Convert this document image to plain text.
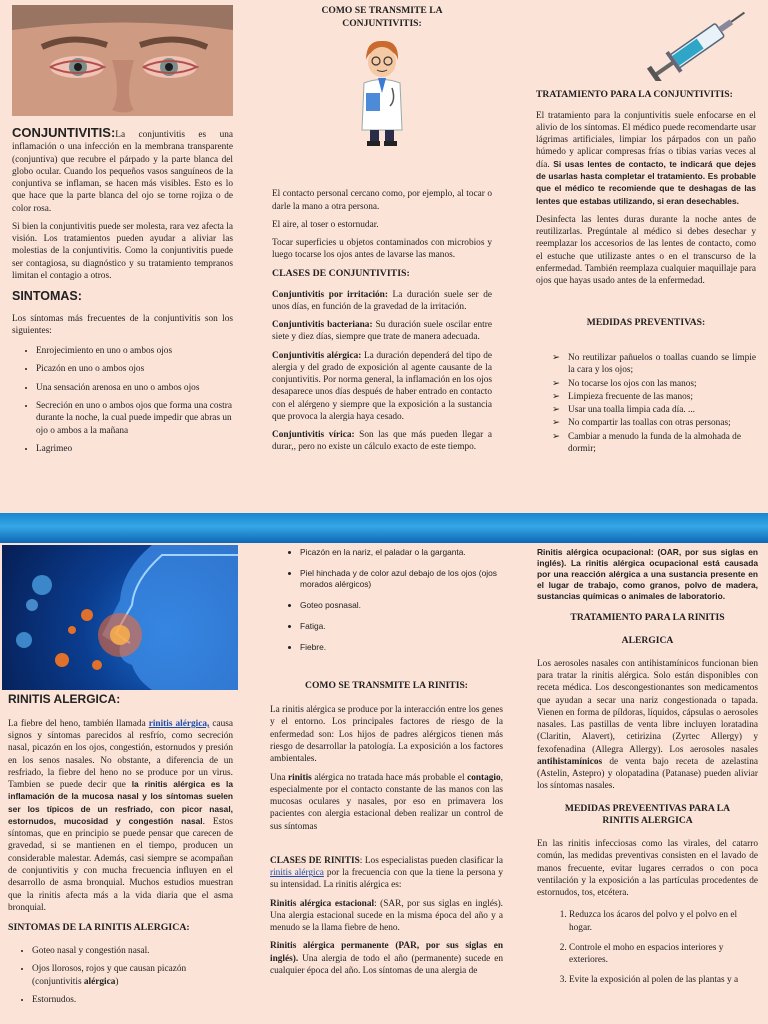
CONJUNTIVITIS:La conjuntivitis es una inflamación o una infección en la membrana transparente (conjuntiva) que recubre el párpado y la parte blanca del globo ocular. Cuando los pequeños vasos sanguíneos de la conjuntiva se inflaman, se hacen más visibles. Esto es lo que hace que la parte blanca del ojo se torne rojiza o de color rosa.

Si bien la conjuntivitis puede ser molesta, rara vez afecta la visión. Los tratamientos pueden ayudar a aliviar las molestias de la conjuntivitis. Como la conjuntivitis puede ser contagiosa, su diagnóstico y su tratamiento tempranos limitan el contagio a otros.

SINTOMAS:

Los síntomas más frecuentes de la conjuntivitis son los siguientes:

• Enrojecimiento en uno o ambos ojos
• Picazón en uno o ambos ojos
• Una sensación arenosa en uno o ambos ojos
• Secreción en uno o ambos ojos que forma una costra durante la noche, la cual puede impedir que abras un ojo o ambos a la mañana
• Lagrimeo

COMO SE TRANSMITE LA CONJUNTIVITIS:

El contacto personal cercano como, por ejemplo, al tocar o darle la mano a otra persona.

El aire, al toser o estornudar.

Tocar superficies u objetos contaminados con microbios y luego tocarse los ojos antes de lavarse las manos.

CLASES DE CONJUNTIVITIS:

Conjuntivitis por irritación: La duración suele ser de unos días, en función de la gravedad de la irritación.

Conjuntivitis bacteriana: Su duración suele oscilar entre siete y diez días, siempre que trate de manera adecuada.

Conjuntivitis alérgica: La duración dependerá del tipo de alergia y del grado de exposición al agente causante de la conjuntivitis. Por norma general, la inflamación en los ojos desaparece unos días después de haber entrado en contacto con el alérgeno y siempre que la exposición a la sustancia que provoca la alergia haya cesado.

Conjuntivitis vírica: Son las que más pueden llegar a durar,, pero no existe un cálculo exacto de este tiempo.

TRATAMIENTO PARA LA CONJUNTIVITIS:

El tratamiento para la conjuntivitis suele enfocarse en el alivio de los síntomas. El médico puede recomendarte usar lágrimas artificiales, limpiar los párpados con un paño húmedo y aplicar compresas frías o tibias varias veces al día. Si usas lentes de contacto, te indicará que dejes de usarlas hasta completar el tratamiento. Es probable que el médico te recomiende que te deshagas de las lentes que estabas utilizando, si eran desechables.

Desinfecta las lentes duras durante la noche antes de reutilizarlas. Pregúntale al médico si debes desechar y reemplazar los accesorios de las lentes de contacto, como el estuche que utilizaste antes o en el transcurso de la enfermedad. También reemplaza cualquier maquillaje para ojos que hayas usado antes de la enfermedad.

MEDIDAS PREVENTIVAS:

➢ No reutilizar pañuelos o toallas cuando se limpie la cara y los ojos;
➢ No tocarse los ojos con las manos;
➢ Limpieza frecuente de las manos;
➢ Usar una toalla limpia cada día. ...
➢ No compartir las toallas con otras personas;
➢ Cambiar a menudo la funda de la almohada de dormir;

RINITIS ALERGICA:

La fiebre del heno, también llamada rinitis alérgica, causa signos y síntomas parecidos al resfrío, como secreción nasal, picazón en los ojos, congestión, estornudos y presión en los senos nasales. No obstante, a diferencia de un resfriado, la fiebre del heno no se produce por un virus. Tambien se puede decir que la rinitis alérgica es la inflamación de la mucosa nasal y los síntomas suelen ser los típicos de un resfriado, con picor nasal, estornudos, mucosidad y congestión nasal. Estos síntomas, que en principio se puede pensar que carecen de gravedad, si se mantienen en el tiempo, producen un considerable malestar. Además, casi siempre se acompañan de conjuntivitis y con mucha frecuencia influyen en el desarrollo de asma bronquial. Muchos estudios muestran que la rinitis afecta más a la vida diaria que el asma bronquial.

SINTOMAS DE LA RINITIS ALERGICA:

• Goteo nasal y congestión nasal.
• Ojos llorosos, rojos y que causan picazón (conjuntivitis alérgica)
• Estornudos.
• Picazón en la nariz, el paladar o la garganta.
• Piel hinchada y de color azul debajo de los ojos (ojos morados alérgicos)
• Goteo posnasal.
• Fatiga.
• Fiebre.

COMO SE TRANSMITE LA RINITIS:

La rinitis alérgica se produce por la interacción entre los genes y el entorno. Los principales factores de riesgo de la enfermedad son: Los hijos de padres alérgicos tienen más riesgo de desarrollar la patología. La exposición a los factores ambientales.

Una rinitis alérgica no tratada hace más probable el contagio, especialmente por el contacto constante de las manos con las mucosas oculares y nasales, por eso en primavera los pacientes con alergia estacional deben realizar un control de sus síntomas

CLASES DE RINITIS: Los especialistas pueden clasificar la rinitis alérgica por la frecuencia con que la tiene la persona y su intensidad. La rinitis alérgica es:

Rinitis alérgica estacional: (SAR, por sus siglas en inglés). Una alergia estacional sucede en la misma época del año y a menudo se la llama fiebre de heno.

Rinitis alérgica permanente (PAR, por sus siglas en inglés). Una alergia de todo el año (permanente) sucede en cualquier época del año. Los síntomas de una alergia de

Rinitis alérgica ocupacional: (OAR, por sus siglas en inglés). La rinitis alérgica ocupacional está causada por una reacción alérgica a una sustancia presente en el lugar de trabajo, como granos, polvo de madera, sustancias químicas o animales de laboratorio.

TRATAMIENTO PARA LA RINITIS

ALERGICA

Los aerosoles nasales con antihistamínicos funcionan bien para tratar la rinitis alérgica. Solo están disponibles con receta médica. Los descongestionantes son medicamentos que ayudan a secar una nariz congestionada o tapada. Vienen en forma de píldoras, líquidos, cápsulas o aerosoles nasales. Las pastillas de venta libre incluyen loratadina (Claritin, Alavert), cetirizina (Zyrtec Allergy) y fexofenadina (Allegra Allergy). Los aerosoles nasales antihistamínicos de venta bajo receta de azelastina (Astelin, Astepro) y olopatadina (Patanase) pueden aliviar los síntomas nasales.

MEDIDAS PREVEENTIVAS PARA LA RINITIS ALERGICA

En las rinitis infecciosas como las virales, del catarro común, las medidas preventivas consisten en el lavado de manos frecuente, evitar lugares cerrados o con poca ventilación y la exposición a las partículas procedentes de estornudos, tos, etcétera.

1. Reduzca los ácaros del polvo y el polvo en el hogar.
2. Controle el moho en espacios interiores y exteriores.
3. Evite la exposición al polen de las plantas y a
